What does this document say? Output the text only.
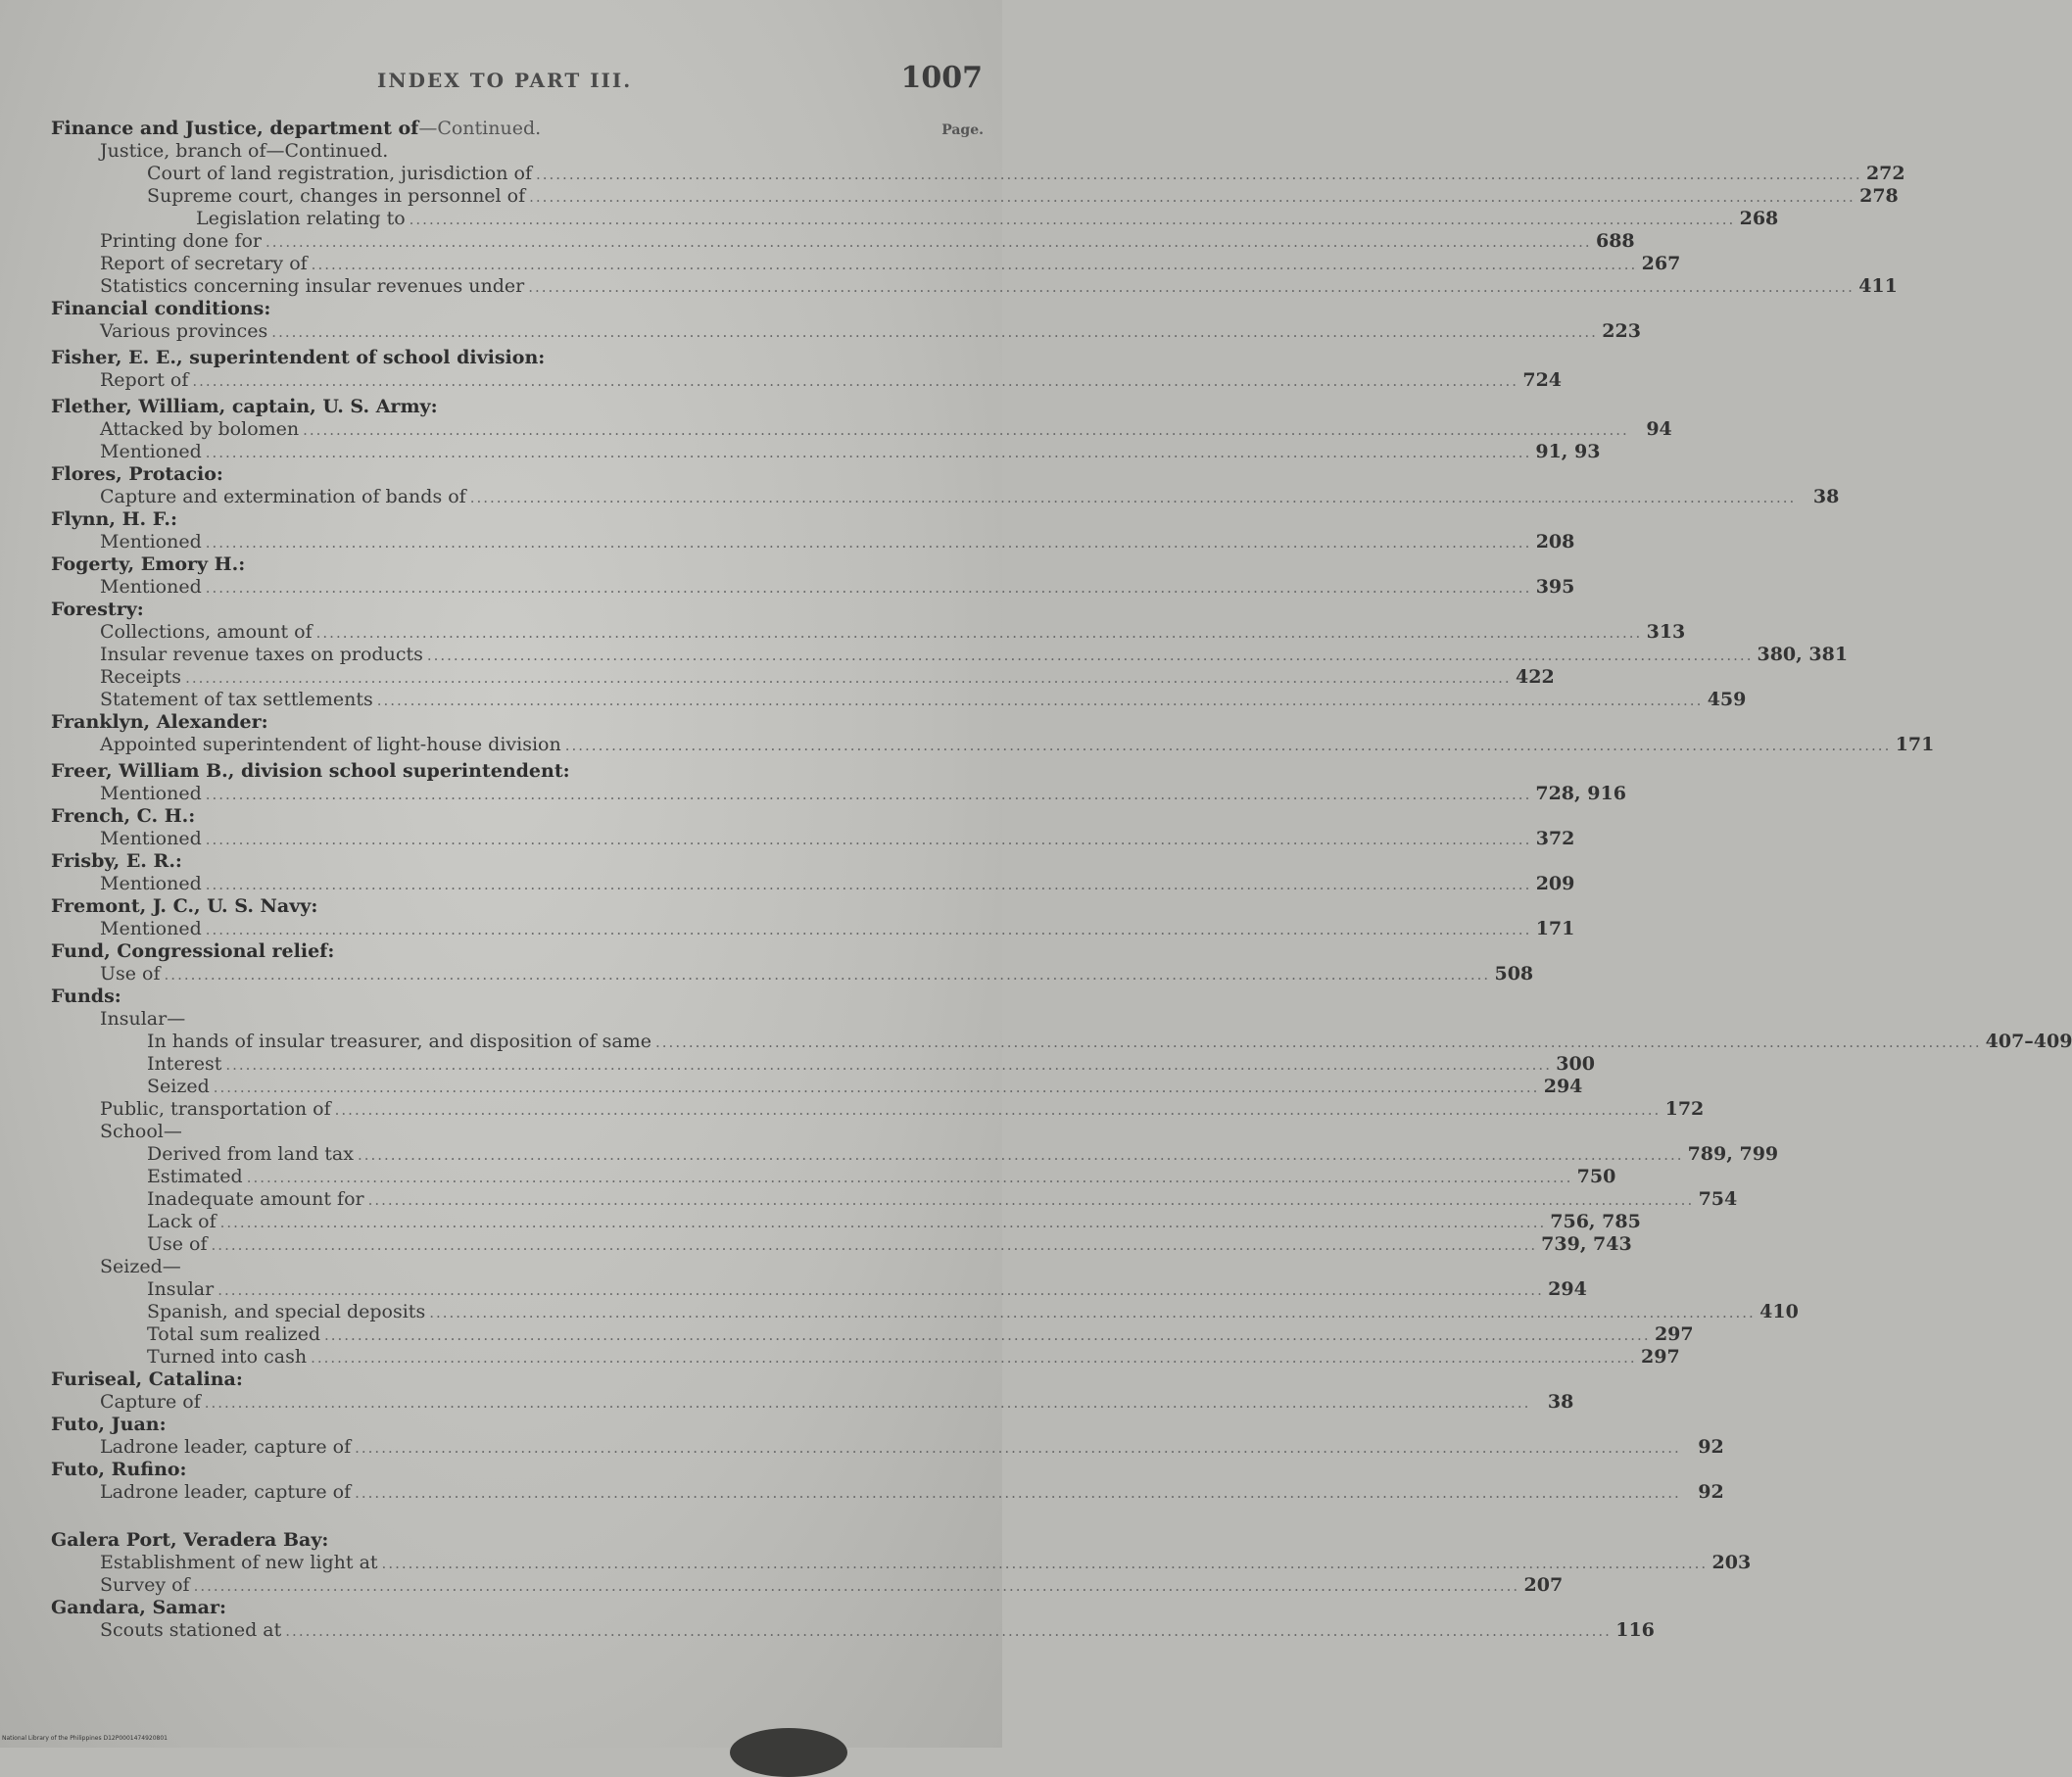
INDEX TO PART III.	1007
Finance and Justice, department of —Continued.	Page.
Justice, branch of—Continued.
Court of land registration, jurisdiction of ........................................................................................................................................................................................................ 272
Supreme court, changes in personnel of ........................................................................................................................................................................................................ 278
Legislation relating to ........................................................................................................................................................................................................ 268
Printing done for ........................................................................................................................................................................................................ 688
Report of secretary of ........................................................................................................................................................................................................ 267
Statistics concerning insular revenues under ........................................................................................................................................................................................................ 411
Financial conditions:
Various provinces ........................................................................................................................................................................................................ 223
Fisher, E. E., superintendent of school division:
Report of ........................................................................................................................................................................................................ 724
Flether, William, captain, U. S. Army:
Attacked by bolomen ........................................................................................................................................................................................................ 94
Mentioned ........................................................................................................................................................................................................ 91, 93
Flores, Protacio:
Capture and extermination of bands of ........................................................................................................................................................................................................ 38
Flynn, H. F.:
Mentioned ........................................................................................................................................................................................................ 208
Fogerty, Emory H.:
Mentioned ........................................................................................................................................................................................................ 395
Forestry:
Collections, amount of ........................................................................................................................................................................................................ 313
Insular revenue taxes on products ........................................................................................................................................................................................................ 380, 381
Receipts ........................................................................................................................................................................................................ 422
Statement of tax settlements ........................................................................................................................................................................................................ 459
Franklyn, Alexander:
Appointed superintendent of light-house division ........................................................................................................................................................................................................ 171
Freer, William B., division school superintendent:
Mentioned ........................................................................................................................................................................................................ 728, 916
French, C. H.:
Mentioned ........................................................................................................................................................................................................ 372
Frisby, E. R.:
Mentioned ........................................................................................................................................................................................................ 209
Fremont, J. C., U. S. Navy:
Mentioned ........................................................................................................................................................................................................ 171
Fund, Congressional relief:
Use of ........................................................................................................................................................................................................ 508
Funds:
Insular—
In hands of insular treasurer, and disposition of same ........................................................................................................................................................................................................ 407–409
Interest ........................................................................................................................................................................................................ 300
Seized ........................................................................................................................................................................................................ 294
Public, transportation of ........................................................................................................................................................................................................ 172
School—
Derived from land tax ........................................................................................................................................................................................................ 789, 799
Estimated ........................................................................................................................................................................................................ 750
Inadequate amount for ........................................................................................................................................................................................................ 754
Lack of ........................................................................................................................................................................................................ 756, 785
Use of ........................................................................................................................................................................................................ 739, 743
Seized—
Insular ........................................................................................................................................................................................................ 294
Spanish, and special deposits ........................................................................................................................................................................................................ 410
Total sum realized ........................................................................................................................................................................................................ 297
Turned into cash ........................................................................................................................................................................................................ 297
Furiseal, Catalina:
Capture of ........................................................................................................................................................................................................ 38
Futo, Juan:
Ladrone leader, capture of ........................................................................................................................................................................................................ 92
Futo, Rufino:
Ladrone leader, capture of ........................................................................................................................................................................................................ 92
Galera Port, Veradera Bay:
Establishment of new light at ........................................................................................................................................................................................................ 203
Survey of ........................................................................................................................................................................................................ 207
Gandara, Samar:
Scouts stationed at ........................................................................................................................................................................................................ 116
National Library of the Philippines D12P0001474920801
